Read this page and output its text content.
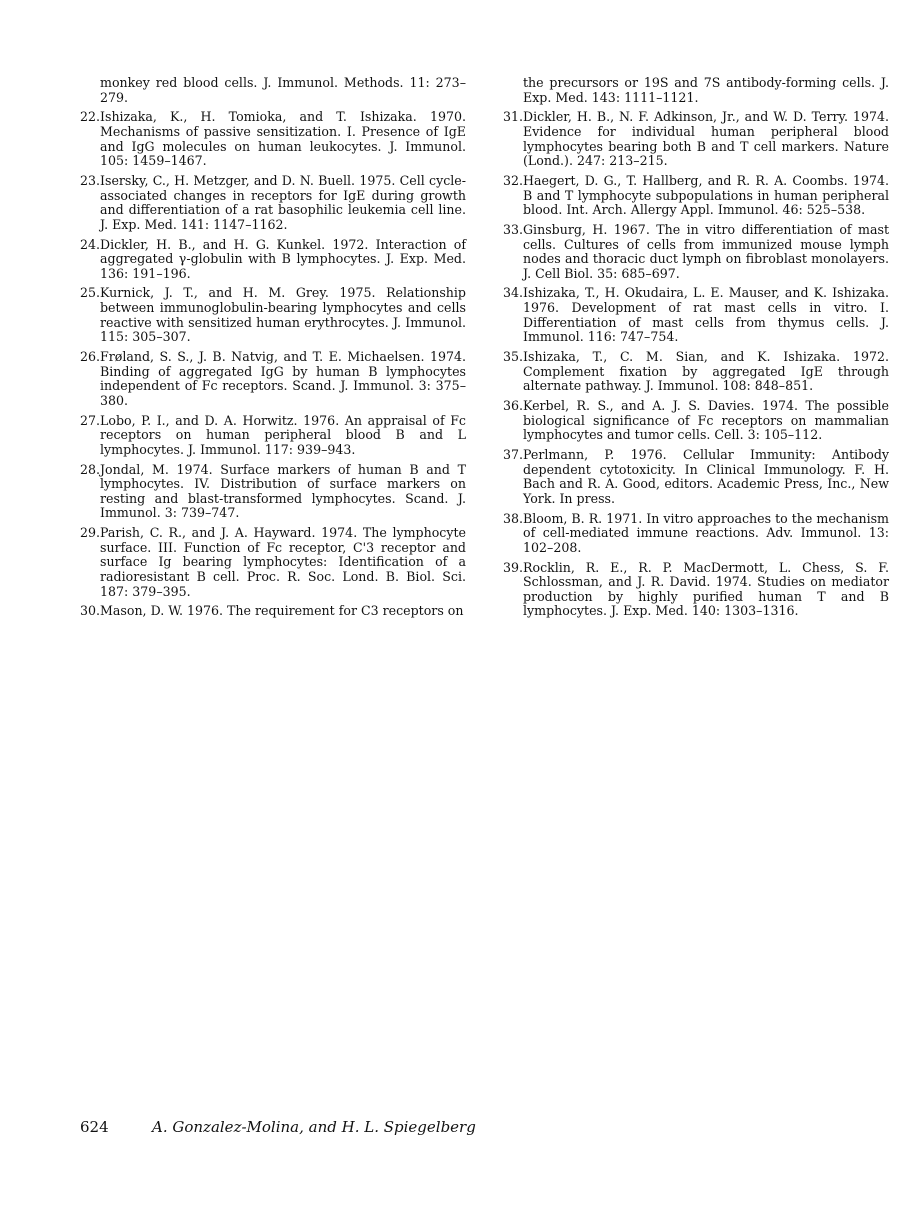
monkey red blood cells. J. Immunol. Methods. 11: 273–279.
22. Ishizaka, K., H. Tomioka, and T. Ishizaka. 1970. Mechanisms of passive sensitization. I. Presence of IgE and IgG molecules on human leukocytes. J. Immunol. 105: 1459–1467.
23. Isersky, C., H. Metzger, and D. N. Buell. 1975. Cell cycle-associated changes in receptors for IgE during growth and differentiation of a rat basophilic leukemia cell line. J. Exp. Med. 141: 1147–1162.
24. Dickler, H. B., and H. G. Kunkel. 1972. Interaction of aggregated γ-globulin with B lymphocytes. J. Exp. Med. 136: 191–196.
25. Kurnick, J. T., and H. M. Grey. 1975. Relationship between immunoglobulin-bearing lymphocytes and cells reactive with sensitized human erythrocytes. J. Immunol. 115: 305–307.
26. Frøland, S. S., J. B. Natvig, and T. E. Michaelsen. 1974. Binding of aggregated IgG by human B lymphocytes independent of Fc receptors. Scand. J. Immunol. 3: 375–380.
27. Lobo, P. I., and D. A. Horwitz. 1976. An appraisal of Fc receptors on human peripheral blood B and L lymphocytes. J. Immunol. 117: 939–943.
28. Jondal, M. 1974. Surface markers of human B and T lymphocytes. IV. Distribution of surface markers on resting and blast-transformed lymphocytes. Scand. J. Immunol. 3: 739–747.
29. Parish, C. R., and J. A. Hayward. 1974. The lymphocyte surface. III. Function of Fc receptor, C'3 receptor and surface Ig bearing lymphocytes: Identification of a radioresistant B cell. Proc. R. Soc. Lond. B. Biol. Sci. 187: 379–395.
30. Mason, D. W. 1976. The requirement for C3 receptors on
the precursors or 19S and 7S antibody-forming cells. J. Exp. Med. 143: 1111–1121.
31. Dickler, H. B., N. F. Adkinson, Jr., and W. D. Terry. 1974. Evidence for individual human peripheral blood lymphocytes bearing both B and T cell markers. Nature (Lond.). 247: 213–215.
32. Haegert, D. G., T. Hallberg, and R. R. A. Coombs. 1974. B and T lymphocyte subpopulations in human peripheral blood. Int. Arch. Allergy Appl. Immunol. 46: 525–538.
33. Ginsburg, H. 1967. The in vitro differentiation of mast cells. Cultures of cells from immunized mouse lymph nodes and thoracic duct lymph on fibroblast monolayers. J. Cell Biol. 35: 685–697.
34. Ishizaka, T., H. Okudaira, L. E. Mauser, and K. Ishizaka. 1976. Development of rat mast cells in vitro. I. Differentiation of mast cells from thymus cells. J. Immunol. 116: 747–754.
35. Ishizaka, T., C. M. Sian, and K. Ishizaka. 1972. Complement fixation by aggregated IgE through alternate pathway. J. Immunol. 108: 848–851.
36. Kerbel, R. S., and A. J. S. Davies. 1974. The possible biological significance of Fc receptors on mammalian lymphocytes and tumor cells. Cell. 3: 105–112.
37. Perlmann, P. 1976. Cellular Immunity: Antibody dependent cytotoxicity. In Clinical Immunology. F. H. Bach and R. A. Good, editors. Academic Press, Inc., New York. In press.
38. Bloom, B. R. 1971. In vitro approaches to the mechanism of cell-mediated immune reactions. Adv. Immunol. 13: 102–208.
39. Rocklin, R. E., R. P. MacDermott, L. Chess, S. F. Schlossman, and J. R. David. 1974. Studies on mediator production by highly purified human T and B lymphocytes. J. Exp. Med. 140: 1303–1316.
624	A. Gonzalez-Molina, and H. L. Spiegelberg
